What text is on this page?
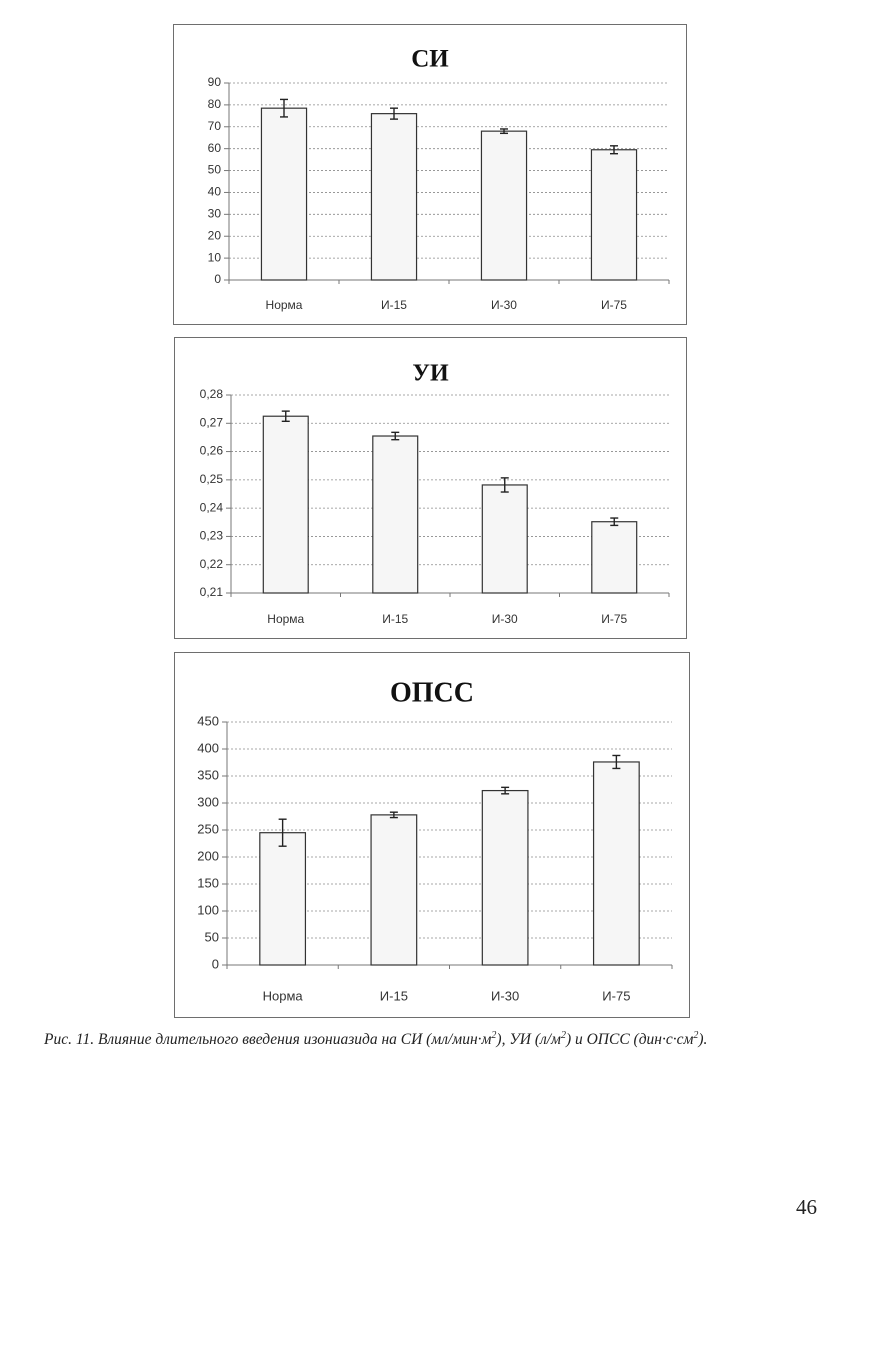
СИ
0
10
20
30
40
50
60
70
80
90
Норма	И-15	И-30	И-75
УИ
0,21
0,22
0,23
0,24
0,25
0,26
0,27
0,28
Норма	И-15	И-30	И-75
ОПСС
0
50
100
150
200
250
300
350
400
450
Норма	И-15	И-30	И-75

Рис. 11. Влияние длительного введения изониазида на СИ $(мл/мин\cdot м^2)$, УИ $(л/м^2)$ и ОПСС $(дин\cdot с\cdot см^2)$.

46
